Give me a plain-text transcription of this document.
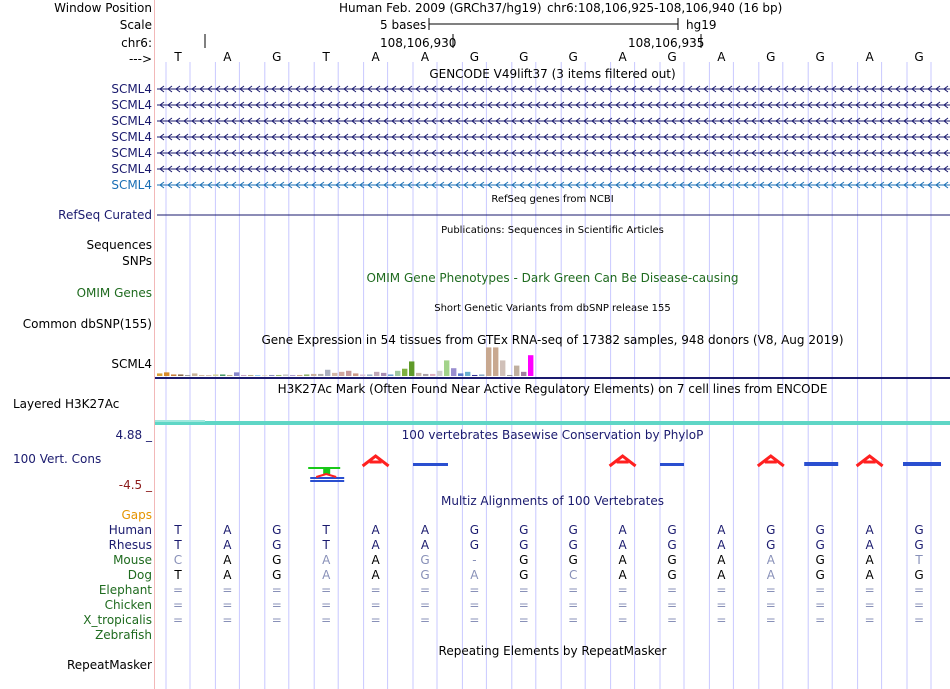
Window Position	Human Feb. 2009 (GRCh37/hg19) chr6:108,106,925-108,106,940 (16 bp)
Scale	5 bases	hg19
chr6:	108,106,930	108,106,935
--->	T	A	G	T	A	A	G	G	G	A	G	A	G	G	A	G
GENCODE V49lift37 (3 items filtered out)
SCML4
SCML4
SCML4
SCML4
SCML4
SCML4
SCML4
RefSeq Curated
RefSeq genes from NCBI
Publications: Sequences in Scientific Articles
Sequences
SNPs
OMIM Gene Phenotypes - Dark Green Can Be Disease-causing
OMIM Genes
Short Genetic Variants from dbSNP release 155
Common dbSNP(155)
Gene Expression in 54 tissues from GTEx RNA-seq of 17382 samples, 948 donors (V8, Aug 2019)
SCML4
H3K27Ac Mark (Often Found Near Active Regulatory Elements) on 7 cell lines from ENCODE
Layered H3K27Ac
4.88 _	100 vertebrates Basewise Conservation by PhyloP
100 Vert. Cons
-4.5 _
Multiz Alignments of 100 Vertebrates
Gaps
Human	T	A	G	T	A	A	G	G	G	A	G	A	G	G	A	G
Rhesus	T	A	G	T	A	A	G	G	G	A	G	A	G	G	A	G
Mouse	C	A	G	A	A	G	-	G	G	A	G	A	A	G	A	T
Dog	T	A	G	A	A	G	A	G	C	A	G	A	A	G	A	G
Elephant	=	=	=	=	=	=	=	=	=	=	=	=	=	=	=	=
Chicken	=	=	=	=	=	=	=	=	=	=	=	=	=	=	=	=
X_tropicalis	=	=	=	=	=	=	=	=	=	=	=	=	=	=	=	=
Zebrafish
Repeating Elements by RepeatMasker
RepeatMasker
